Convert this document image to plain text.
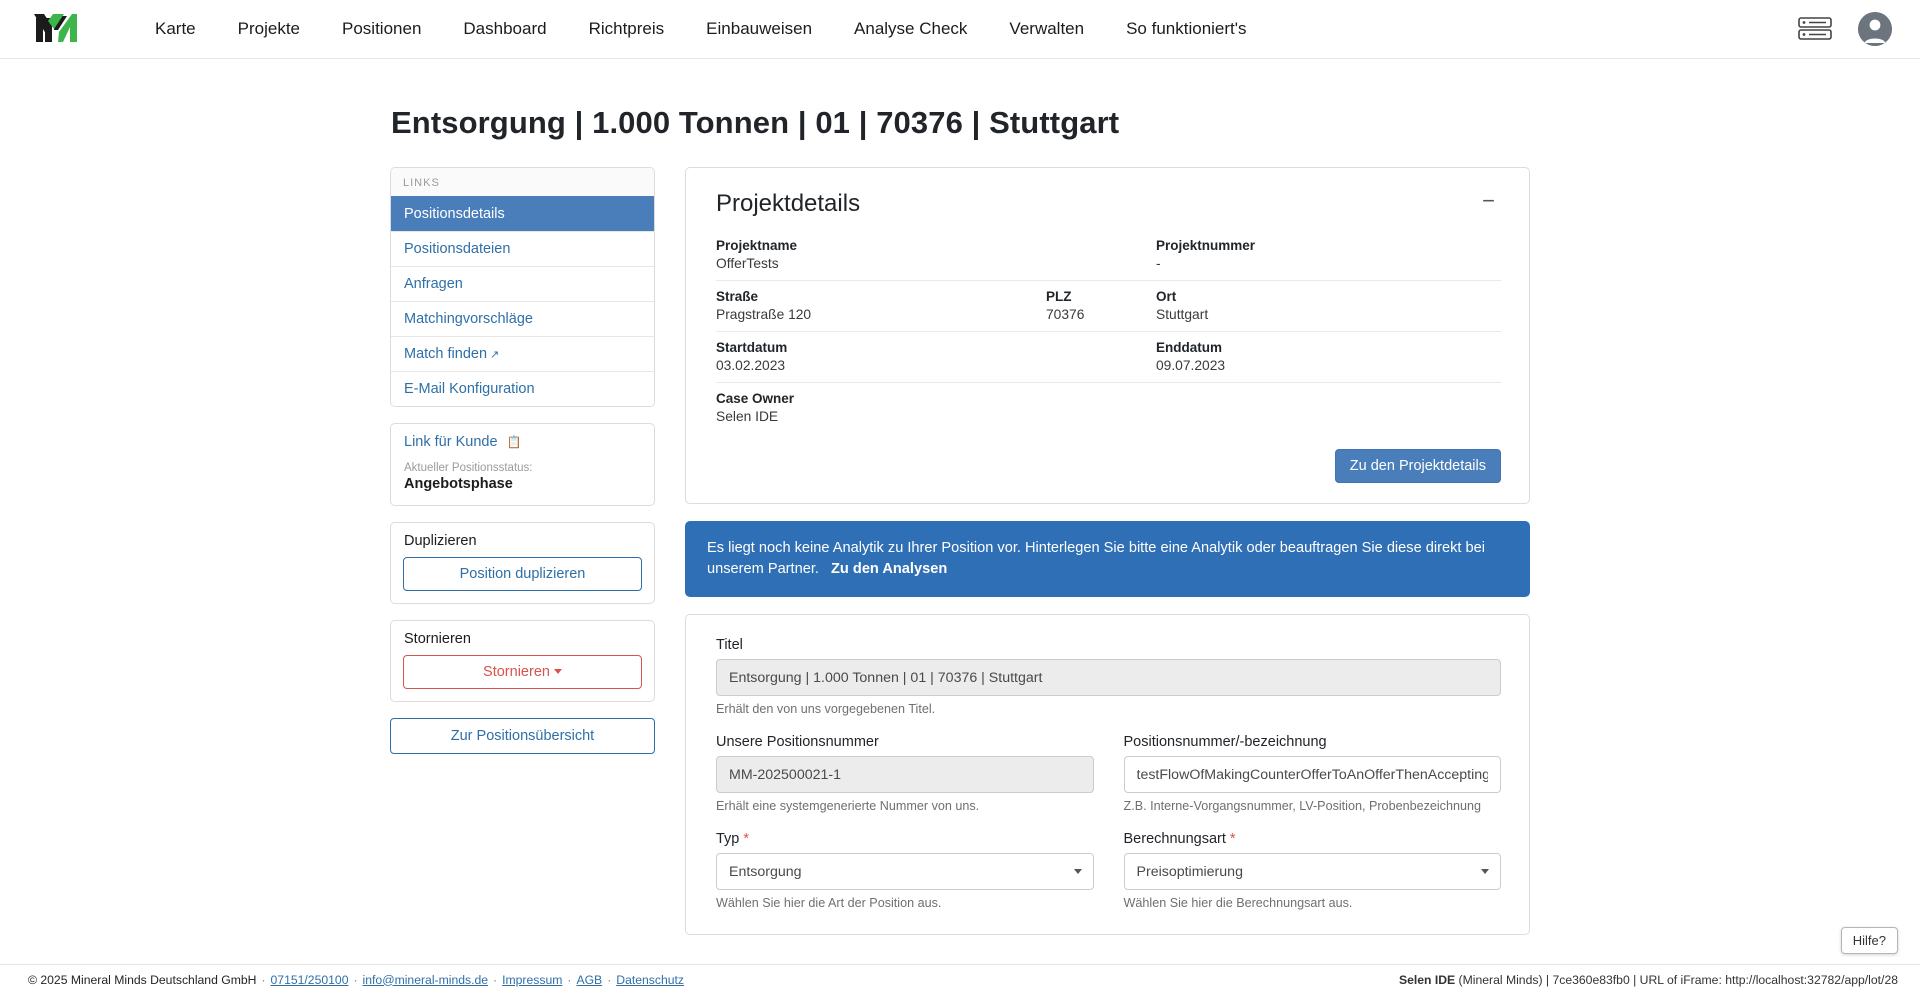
Karte	Projekte	Positionen	Dashboard	Richtpreis	Einbauweisen	Analyse Check	Verwalten	So funktioniert's
Entsorgung | 1.000 Tonnen | 01 | 70376 | Stuttgart
LINKS
Positionsdetails
Positionsdateien
Anfragen
Matchingvorschläge
Match finden ↗
E-Mail Konfiguration
Link für Kunde 📋
Aktueller Positionsstatus:
Angebotsphase
Duplizieren
Position duplizieren
Stornieren
Stornieren
Zur Positionsübersicht
Projektdetails	−
Projektname
OfferTests
Projektnummer
-
Straße
Pragstraße 120
PLZ
70376
Ort
Stuttgart
Startdatum
03.02.2023
Enddatum
09.07.2023
Case Owner
Selen IDE
Zu den Projektdetails
Es liegt noch keine Analytik zu Ihrer Position vor. Hinterlegen Sie bitte eine Analytik oder beauftragen Sie diese direkt bei unserem Partner. Zu den Analysen
Titel
Entsorgung | 1.000 Tonnen | 01 | 70376 | Stuttgart
Erhält den von uns vorgegebenen Titel.
Unsere Positionsnummer
MM-202500021-1
Erhält eine systemgenerierte Nummer von uns.
Positionsnummer/-bezeichnung
testFlowOfMakingCounterOfferToAnOfferThenAccepting
Z.B. Interne-Vorgangsnummer, LV-Position, Probenbezeichnung
Typ *
Entsorgung
Wählen Sie hier die Art der Position aus.
Berechnungsart *
Preisoptimierung
Wählen Sie hier die Berechnungsart aus.
Hilfe?
© 2025 Mineral Minds Deutschland GmbH · 07151/250100 · info@mineral-minds.de · Impressum · AGB · Datenschutz	Selen IDE (Mineral Minds) | 7ce360e83fb0 | URL of iFrame: http://localhost:32782/app/lot/28
